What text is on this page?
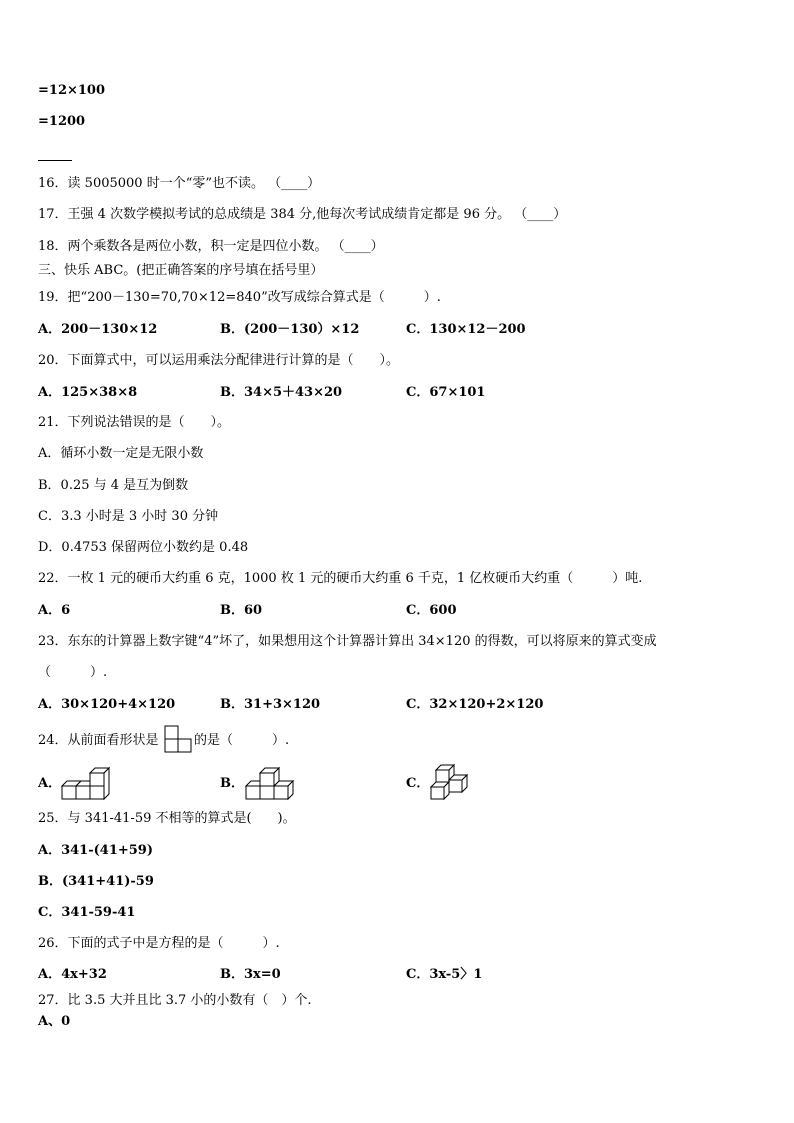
=12×100
=1200
16．读 5005000 时一个“零”也不读。 （____）
17．王强 4 次数学模拟考试的总成绩是 384 分,他每次考试成绩肯定都是 96 分。 （____）
18．两个乘数各是两位小数，积一定是四位小数。 （____）
三、快乐 ABC。(把正确答案的序号填在括号里）
19．把“200－130=70,70×12=840”改写成综合算式是（　　　）.
A．200－130×12	B．(200－130）×12	C．130×12－200
20．下面算式中，可以运用乘法分配律进行计算的是（　　）。
A．125×38×8	B．34×5＋43×20	C．67×101
21．下列说法错误的是（　　）。
A．循环小数一定是无限小数
B．0.25 与 4 是互为倒数
C．3.3 小时是 3 小时 30 分钟
D．0.4753 保留两位小数约是 0.48
22．一枚 1 元的硬币大约重 6 克，1000 枚 1 元的硬币大约重 6 千克，1 亿枚硬币大约重（　　　）吨.
A．6	B．60	C．600
23．东东的计算器上数字键“4”坏了，如果想用这个计算器计算出 34×120 的得数，可以将原来的算式变成
（　　　）.
A．30×120+4×120	B．31+3×120	C．32×120+2×120
24．从前面看形状是	的是（　　　）.
A．	B．	C．
25．与 341-41-59 不相等的算式是(　　)。
A．341-(41+59)
B．(341+41)-59
C．341-59-41
26．下面的式子中是方程的是（　　　）.
A．4x+32	B．3x=0	C．3x-5〉1
27．比 3.5 大并且比 3.7 小的小数有（　）个.
A、0
